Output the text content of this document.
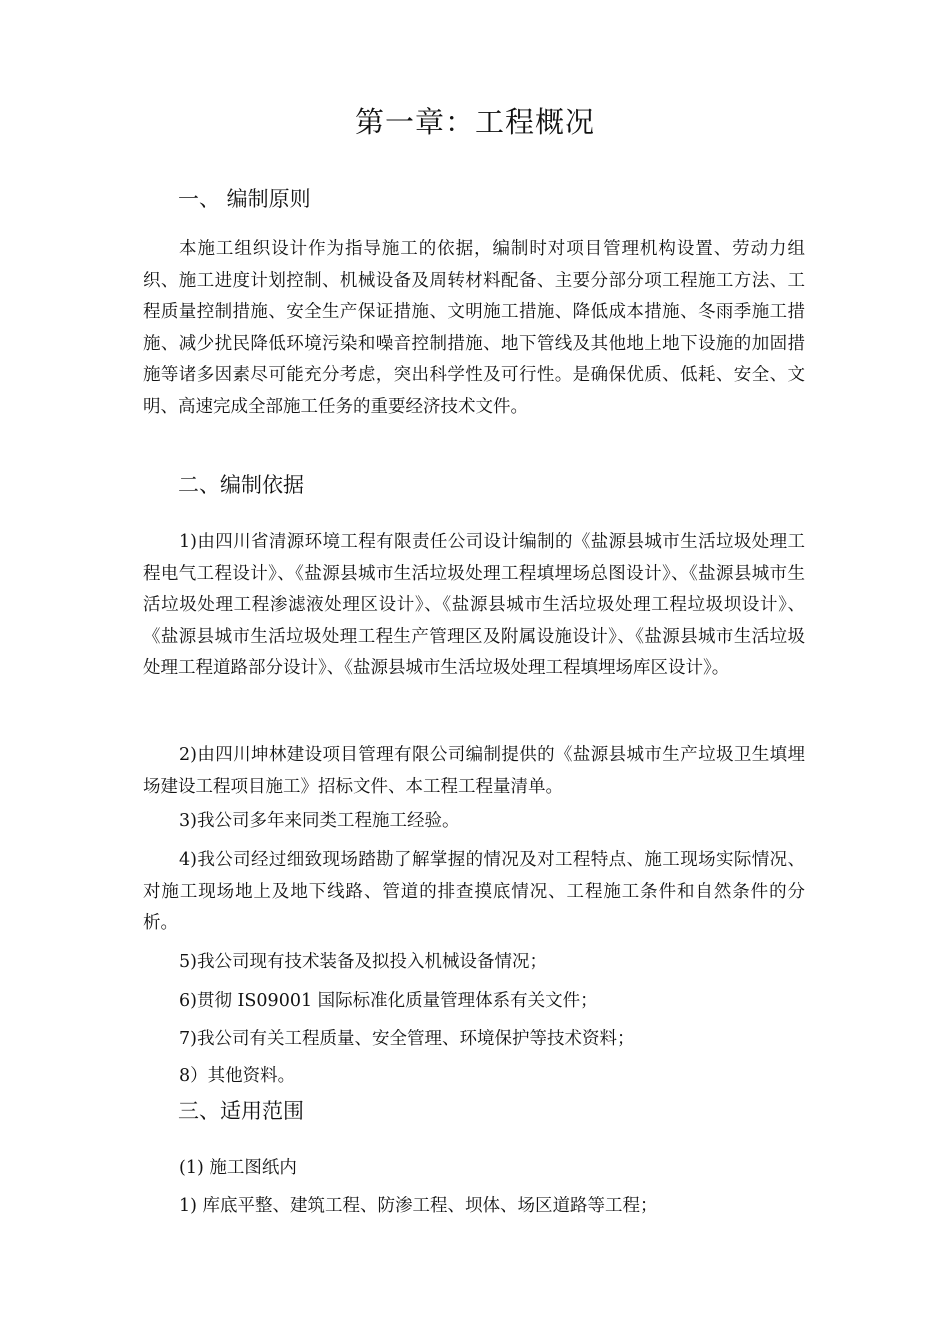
第一章：工程概况
一、 编制原则

本施工组织设计作为指导施工的依据，编制时对项目管理机构设置、劳动力组织、施工进度计划控制、机械设备及周转材料配备、主要分部分项工程施工方法、工程质量控制措施、安全生产保证措施、文明施工措施、降低成本措施、冬雨季施工措施、减少扰民降低环境污染和噪音控制措施、地下管线及其他地上地下设施的加固措施等诸多因素尽可能充分考虑，突出科学性及可行性。是确保优质、低耗、安全、文明、高速完成全部施工任务的重要经济技术文件。

二、编制依据

1)由四川省清源环境工程有限责任公司设计编制的《盐源县城市生活垃圾处理工程电气工程设计》、《盐源县城市生活垃圾处理工程填埋场总图设计》、《盐源县城市生活垃圾处理工程渗滤液处理区设计》、《盐源县城市生活垃圾处理工程垃圾坝设计》、《盐源县城市生活垃圾处理工程生产管理区及附属设施设计》、《盐源县城市生活垃圾处理工程道路部分设计》、《盐源县城市生活垃圾处理工程填埋场库区设计》。

2)由四川坤林建设项目管理有限公司编制提供的《盐源县城市生产垃圾卫生填埋场建设工程项目施工》招标文件、本工程工程量清单。

3)我公司多年来同类工程施工经验。

4)我公司经过细致现场踏勘了解掌握的情况及对工程特点、施工现场实际情况、对施工现场地上及地下线路、管道的排查摸底情况、工程施工条件和自然条件的分析。

5)我公司现有技术装备及拟投入机械设备情况；

6)贯彻 IS09001 国际标准化质量管理体系有关文件；

7)我公司有关工程质量、安全管理、环境保护等技术资料；

8）其他资料。

三、适用范围

(1) 施工图纸内

1) 库底平整、建筑工程、防渗工程、坝体、场区道路等工程；
